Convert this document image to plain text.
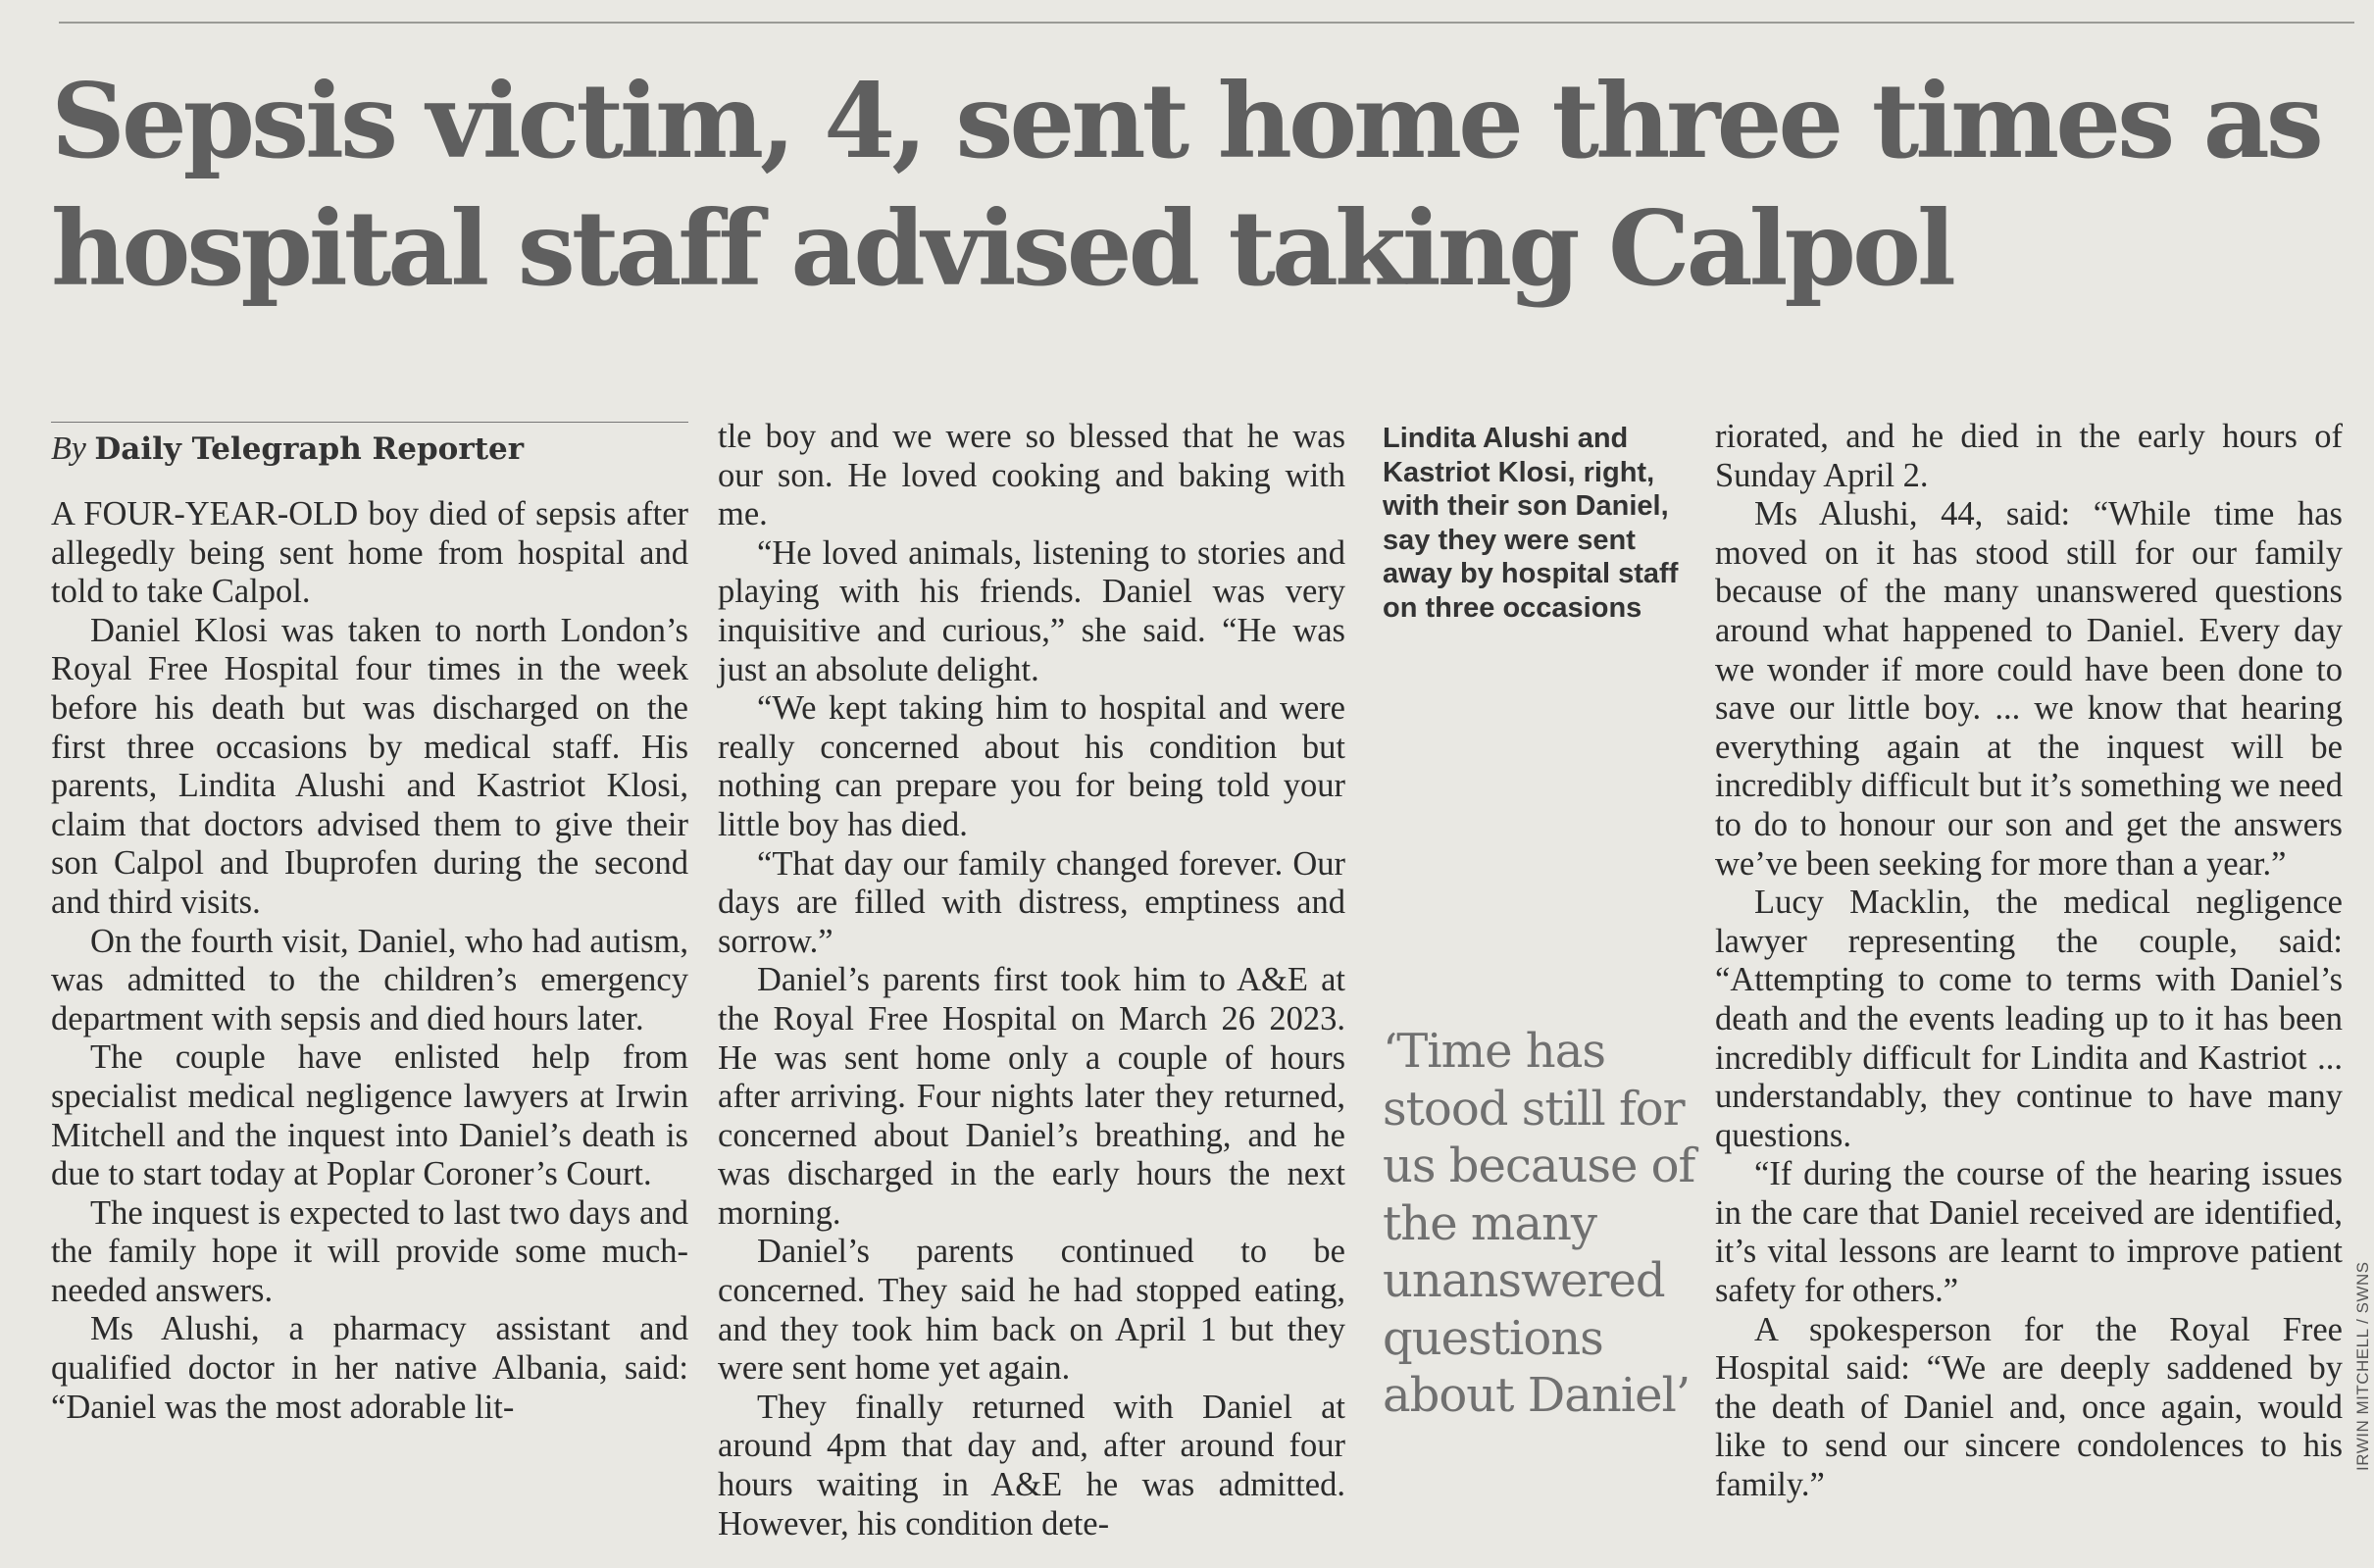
Sepsis victim, 4, sent home three times as hospital staff advised taking Calpol
By Daily Telegraph Reporter

A FOUR-YEAR-OLD boy died of sepsis after allegedly being sent home from hospital and told to take Calpol.

Daniel Klosi was taken to north London’s Royal Free Hospital four times in the week before his death but was discharged on the first three occasions by medical staff. His parents, Lindita Alushi and Kastriot Klosi, claim that doctors advised them to give their son Calpol and Ibuprofen during the second and third visits.

On the fourth visit, Daniel, who had autism, was admitted to the children’s emergency department with sepsis and died hours later.

The couple have enlisted help from specialist medical negligence lawyers at Irwin Mitchell and the inquest into Daniel’s death is due to start today at Poplar Coroner’s Court.

The inquest is expected to last two days and the family hope it will provide some much-needed answers.

Ms Alushi, a pharmacy assistant and qualified doctor in her native Albania, said: “Daniel was the most adorable lit-

tle boy and we were so blessed that he was our son. He loved cooking and baking with me.

“He loved animals, listening to stories and playing with his friends. Daniel was very inquisitive and curious,” she said. “He was just an absolute delight.

“We kept taking him to hospital and were really concerned about his condition but nothing can prepare you for being told your little boy has died.

“That day our family changed forever. Our days are filled with distress, emptiness and sorrow.”

Daniel’s parents first took him to A&E at the Royal Free Hospital on March 26 2023. He was sent home only a couple of hours after arriving. Four nights later they returned, concerned about Daniel’s breathing, and he was discharged in the early hours the next morning.

Daniel’s parents continued to be concerned. They said he had stopped eating, and they took him back on April 1 but they were sent home yet again.

They finally returned with Daniel at around 4pm that day and, after around four hours waiting in A&E he was admitted. However, his condition dete-

Lindita Alushi and Kastriot Klosi, right, with their son Daniel, say they were sent away by hospital staff on three occasions

‘Time has stood still for us because of the many unanswered questions about Daniel’

riorated, and he died in the early hours of Sunday April 2.

Ms Alushi, 44, said: “While time has moved on it has stood still for our family because of the many unanswered questions around what happened to Daniel. Every day we wonder if more could have been done to save our little boy. ... we know that hearing everything again at the inquest will be incredibly difficult but it’s something we need to do to honour our son and get the answers we’ve been seeking for more than a year.”

Lucy Macklin, the medical negligence lawyer representing the couple, said: “Attempting to come to terms with Daniel’s death and the events leading up to it has been incredibly difficult for Lindita and Kastriot ... understandably, they continue to have many questions.

“If during the course of the hearing issues in the care that Daniel received are identified, it’s vital lessons are learnt to improve patient safety for others.”

A spokesperson for the Royal Free Hospital said: “We are deeply saddened by the death of Daniel and, once again, would like to send our sincere condolences to his family.”

IRWIN MITCHELL / SWNS
